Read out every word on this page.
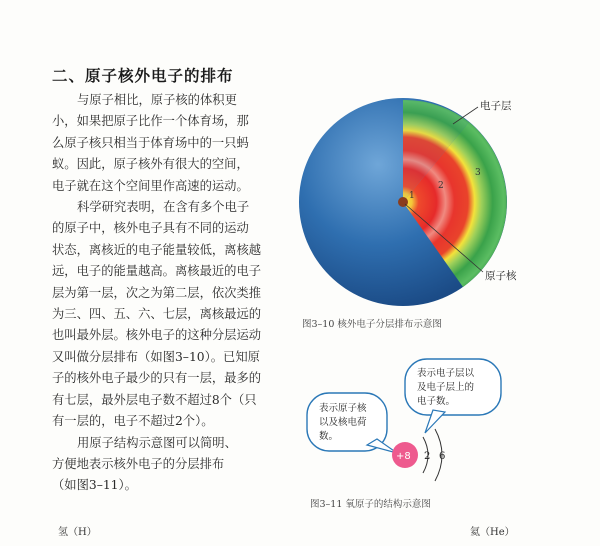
二、原子核外电子的排布
与原子相比，原子核的体积更
小，如果把原子比作一个体育场，那
么原子核只相当于体育场中的一只蚂
蚁。因此，原子核外有很大的空间，
电子就在这个空间里作高速的运动。
科学研究表明，在含有多个电子
的原子中，核外电子具有不同的运动
状态，离核近的电子能量较低，离核越
远，电子的能量越高。离核最近的电子
层为第一层，次之为第二层，依次类推
为三、四、五、六、七层，离核最远的
也叫最外层。核外电子的这种分层运动
又叫做分层排布（如图3–10）。已知原
子的核外电子最少的只有一层，最多的
有七层，最外层电子数不超过8个（只
有一层的，电子不超过2个）。
用原子结构示意图可以简明、
方便地表示核外电子的分层排布
（如图3–11）。
1
2
3
电子层
原子核
图3–10 核外电子分层排布示意图
表示原子核
以及核电荷
数。
表示电子层以
及电子层上的
电子数。
+8 2 6
图3–11 氧原子的结构示意图
氢（H）	氦（He）
